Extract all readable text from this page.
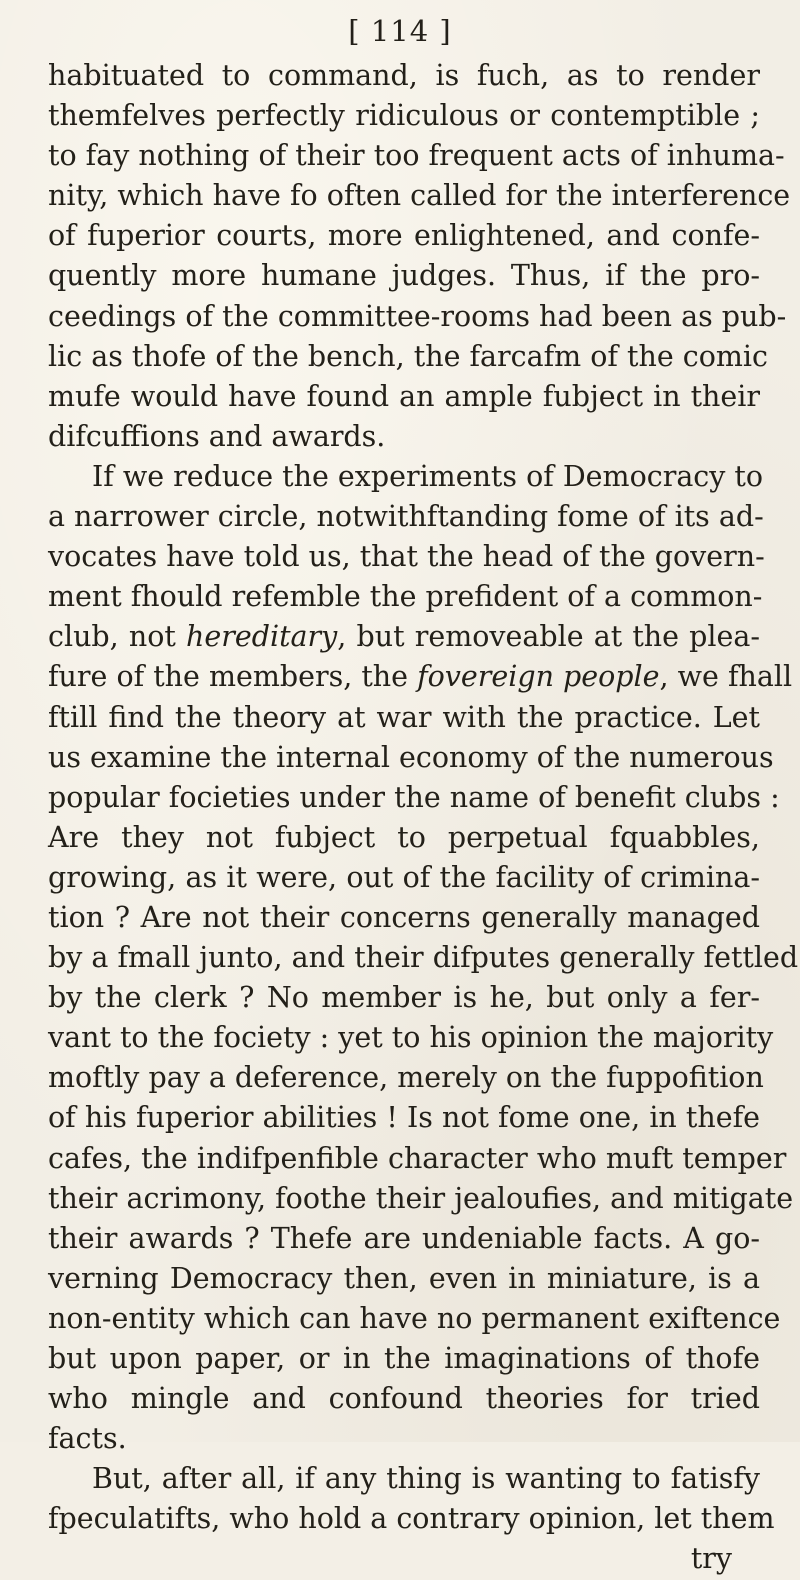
[ 114 ]
habituated to command, is fuch, as to render
themfelves perfectly ridiculous or contemptible ;
to fay nothing of their too frequent acts of inhuma-
nity, which have fo often called for the interference
of fuperior courts, more enlightened, and confe-
quently more humane judges. Thus, if the pro-
ceedings of the committee-rooms had been as pub-
lic as thofe of the bench, the farcafm of the comic
mufe would have found an ample fubject in their
difcuffions and awards.
If we reduce the experiments of Democracy to
a narrower circle, notwithftanding fome of its ad-
vocates have told us, that the head of the govern-
ment fhould refemble the prefident of a common-
club, not hereditary, but removeable at the plea-
fure of the members, the fovereign people, we fhall
ftill find the theory at war with the practice. Let
us examine the internal economy of the numerous
popular focieties under the name of benefit clubs :
Are they not fubject to perpetual fquabbles,
growing, as it were, out of the facility of crimina-
tion ? Are not their concerns generally managed
by a fmall junto, and their difputes generally fettled
by the clerk ? No member is he, but only a fer-
vant to the fociety : yet to his opinion the majority
moftly pay a deference, merely on the fuppofition
of his fuperior abilities ! Is not fome one, in thefe
cafes, the indifpenfible character who muft temper
their acrimony, foothe their jealoufies, and mitigate
their awards ? Thefe are undeniable facts. A go-
verning Democracy then, even in miniature, is a
non-entity which can have no permanent exiftence
but upon paper, or in the imaginations of thofe
who mingle and confound theories for tried
facts.
But, after all, if any thing is wanting to fatisfy
fpeculatifts, who hold a contrary opinion, let them
try
